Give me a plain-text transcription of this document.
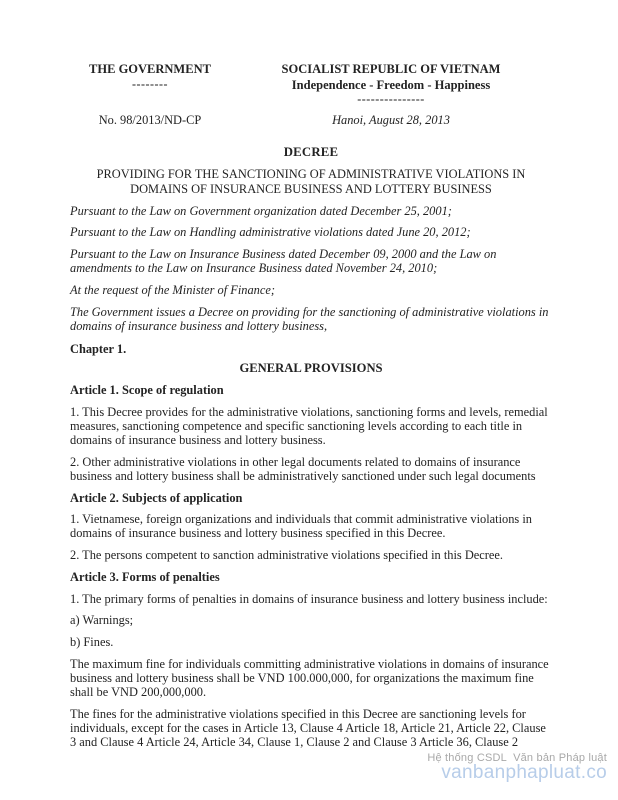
THE GOVERNMENT
--------
SOCIALIST REPUBLIC OF VIETNAM
Independence - Freedom - Happiness
---------------
No. 98/2013/ND-CP	Hanoi, August 28, 2013
DECREE
PROVIDING FOR THE SANCTIONING OF ADMINISTRATIVE VIOLATIONS IN
DOMAINS OF INSURANCE BUSINESS AND LOTTERY BUSINESS

Pursuant to the Law on Government organization dated December 25, 2001;

Pursuant to the Law on Handling administrative violations dated June 20, 2012;

Pursuant to the Law on Insurance Business dated December 09, 2000 and the Law on amendments to the Law on Insurance Business dated November 24, 2010;

At the request of the Minister of Finance;

The Government issues a Decree on providing for the sanctioning of administrative violations in domains of insurance business and lottery business,

Chapter 1.
GENERAL PROVISIONS
Article 1. Scope of regulation

1. This Decree provides for the administrative violations, sanctioning forms and levels, remedial measures, sanctioning competence and specific sanctioning levels according to each title in domains of insurance business and lottery business.

2. Other administrative violations in other legal documents related to domains of insurance business and lottery business shall be administratively sanctioned under such legal documents

Article 2. Subjects of application

1. Vietnamese, foreign organizations and individuals that commit administrative violations in domains of insurance business and lottery business specified in this Decree.

2. The persons competent to sanction administrative violations specified in this Decree.

Article 3. Forms of penalties

1. The primary forms of penalties in domains of insurance business and lottery business include:

a) Warnings;

b) Fines.

The maximum fine for individuals committing administrative violations in domains of insurance business and lottery business shall be VND 100.000,000, for organizations the maximum fine shall be VND 200,000,000.

The fines for the administrative violations specified in this Decree are sanctioning levels for individuals, except for the cases in Article 13, Clause 4 Article 18, Article 21, Article 22, Clause 3 and Clause 4 Article 24, Article 34, Clause 1, Clause 2 and Clause 3 Article 36, Clause 2

Hệ thống CSDL  Văn bản Pháp luật
vanbanphapluat.co
